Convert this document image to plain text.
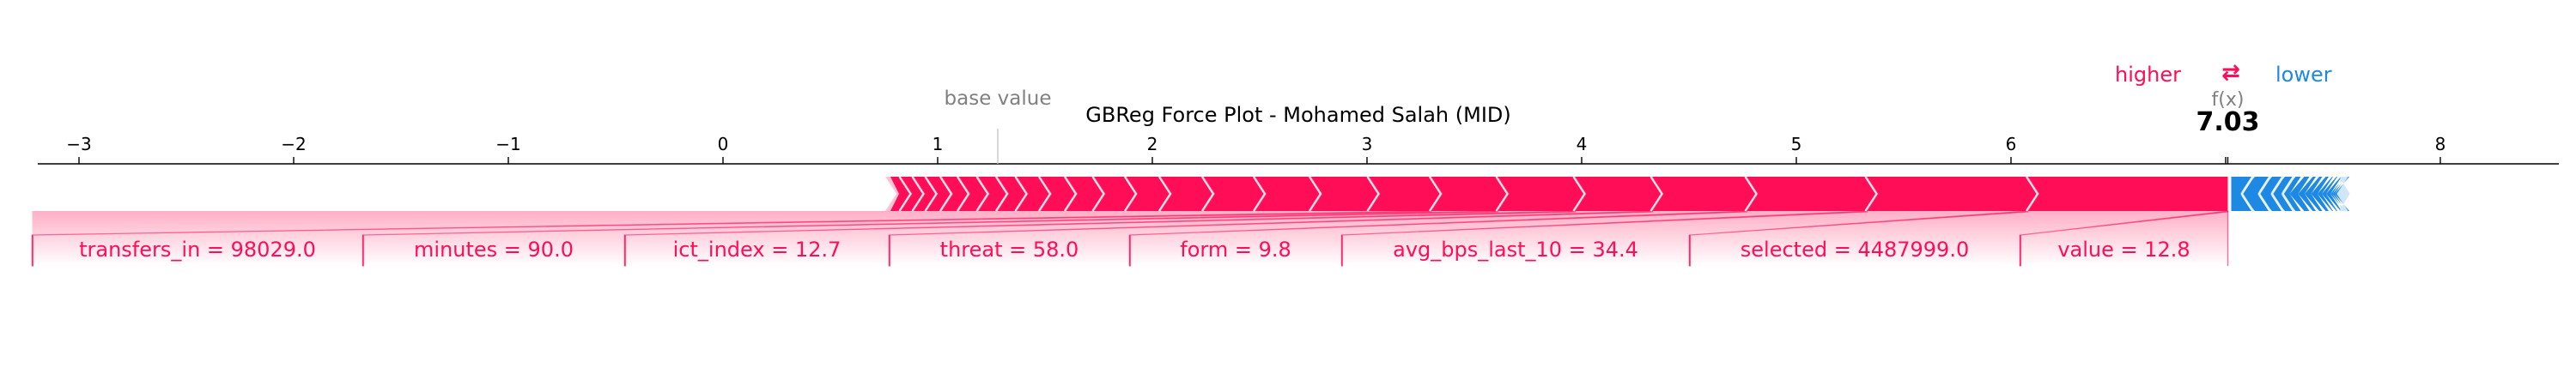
value = 12.8
selected = 4487999.0
avg_bps_last_10 = 34.4
form = 9.8
threat = 58.0
ict_index = 12.7
minutes = 90.0
transfers_in = 98029.0
−3	−2	−1	0	1	2	3	4	5	6	8
higher ⇄ lower
base value
GBReg Force Plot - Mohamed Salah (MID)
f(x)
7.03
